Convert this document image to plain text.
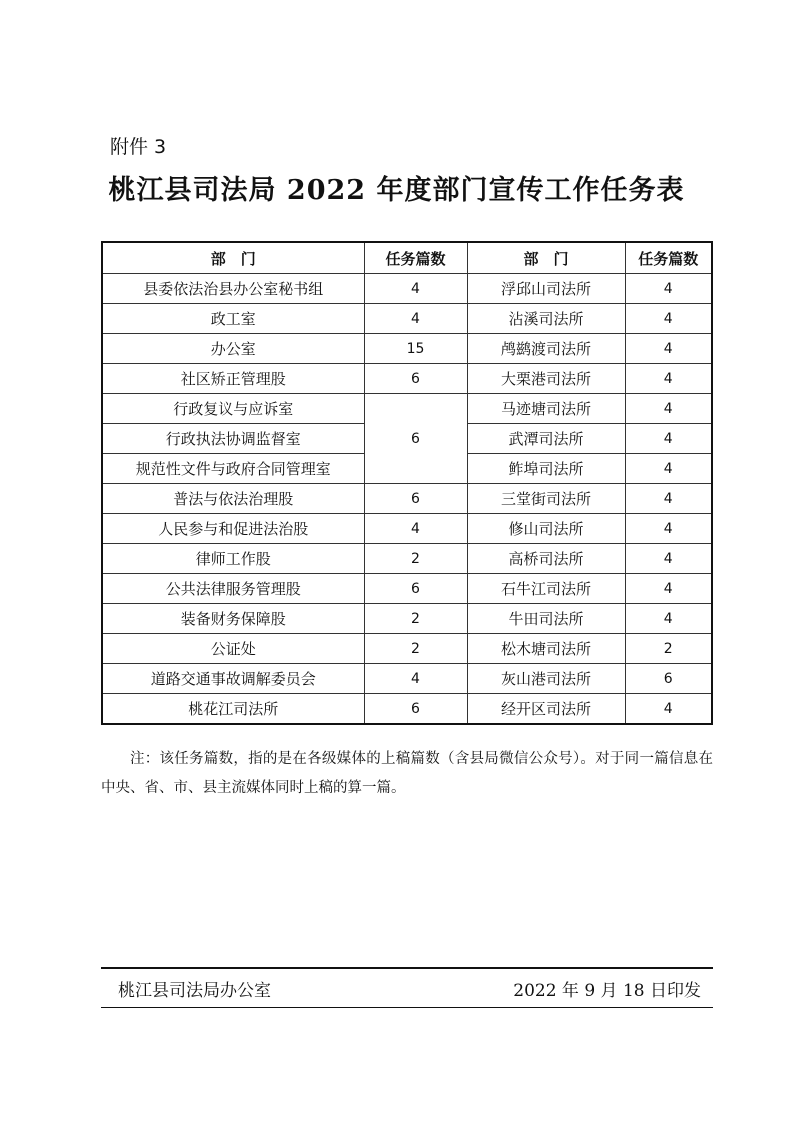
附件 3
桃江县司法局 2022 年度部门宣传工作任务表
部　门	任务篇数	部　门	任务篇数
县委依法治县办公室秘书组	4	浮邱山司法所	4
政工室	4	沾溪司法所	4
办公室	15	鸬鹚渡司法所	4
社区矫正管理股	6	大栗港司法所	4
行政复议与应诉室	6	马迹塘司法所	4
行政执法协调监督室		武潭司法所	4
规范性文件与政府合同管理室		鲊埠司法所	4
普法与依法治理股	6	三堂街司法所	4
人民参与和促进法治股	4	修山司法所	4
律师工作股	2	高桥司法所	4
公共法律服务管理股	6	石牛江司法所	4
装备财务保障股	2	牛田司法所	4
公证处	2	松木塘司法所	2
道路交通事故调解委员会	4	灰山港司法所	6
桃花江司法所	6	经开区司法所	4
注：该任务篇数，指的是在各级媒体的上稿篇数（含县局微信公众号）。对于同一篇信息在中央、省、市、县主流媒体同时上稿的算一篇。
桃江县司法局办公室	2022 年 9 月 18 日印发
